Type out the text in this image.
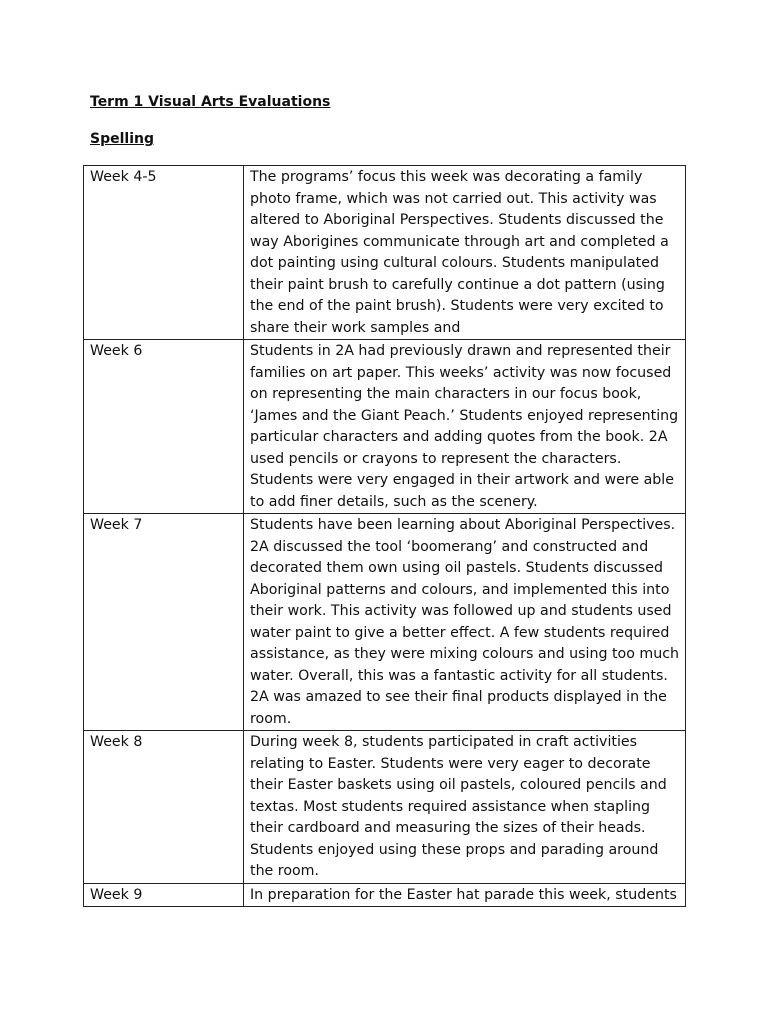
Term 1 Visual Arts Evaluations
Spelling
Week 4-5	The programs’ focus this week was decorating a family photo frame, which was not carried out. This activity was altered to Aboriginal Perspectives. Students discussed the way Aborigines communicate through art and completed a dot painting using cultural colours. Students manipulated their paint brush to carefully continue a dot pattern (using the end of the paint brush). Students were very excited to share their work samples and
Week 6	Students in 2A had previously drawn and represented their families on art paper. This weeks’ activity was now focused on representing the main characters in our focus book, ‘James and the Giant Peach.’ Students enjoyed representing particular characters and adding quotes from the book. 2A used pencils or crayons to represent the characters. Students were very engaged in their artwork and were able to add finer details, such as the scenery.
Week 7	Students have been learning about Aboriginal Perspectives. 2A discussed the tool ‘boomerang’ and constructed and decorated them own using oil pastels. Students discussed Aboriginal patterns and colours, and implemented this into their work. This activity was followed up and students used water paint to give a better effect. A few students required assistance, as they were mixing colours and using too much water. Overall, this was a fantastic activity for all students. 2A was amazed to see their final products displayed in the room.
Week 8	During week 8, students participated in craft activities relating to Easter. Students were very eager to decorate their Easter baskets using oil pastels, coloured pencils and textas. Most students required assistance when stapling their cardboard and measuring the sizes of their heads. Students enjoyed using these props and parading around the room.
Week 9	In preparation for the Easter hat parade this week, students
